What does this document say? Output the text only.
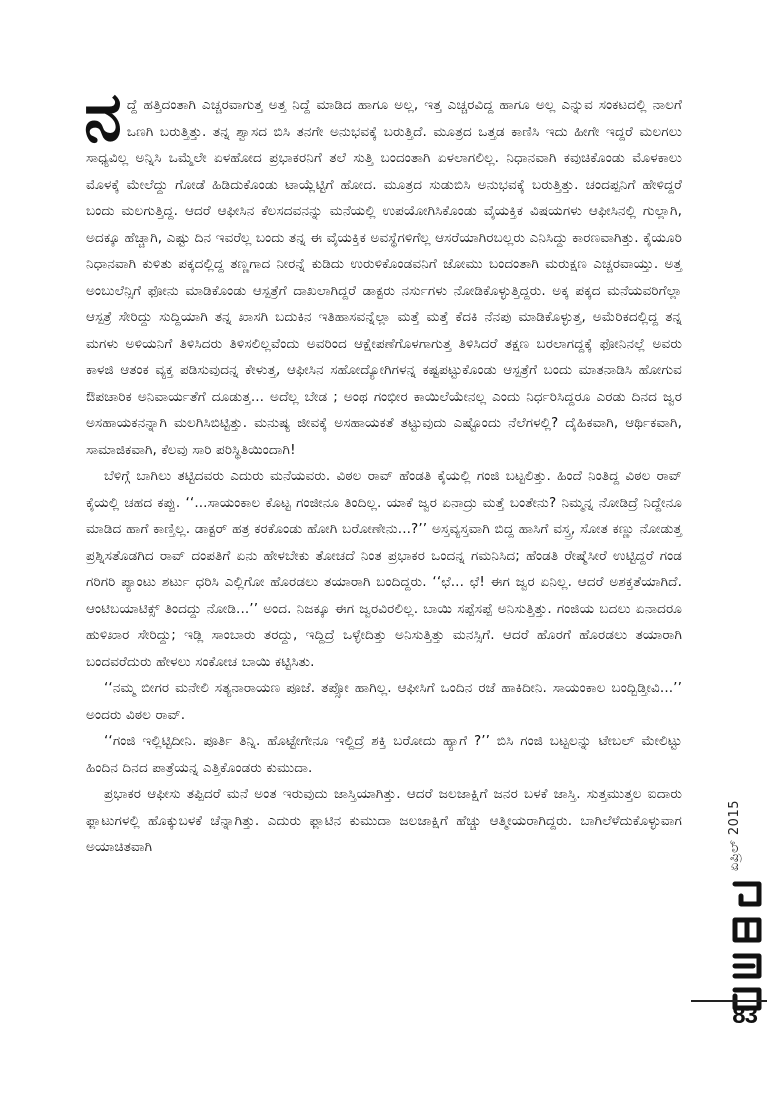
ನದ್ದೆ ಹತ್ತಿದಂತಾಗಿ ಎಚ್ಚರವಾಗುತ್ತ ಅತ್ತ ನಿದ್ದೆ ಮಾಡಿದ ಹಾಗೂ ಅಲ್ಲ, ಇತ್ತ ಎಚ್ಚರವಿದ್ದ ಹಾಗೂ ಅಲ್ಲ ಎನ್ನುವ ಸಂಕಟದಲ್ಲಿ ನಾಲಗೆ ಒಣಗಿ ಬರುತ್ತಿತ್ತು. ತನ್ನ ಶ್ವಾಸದ ಬಿಸಿ ತನಗೇ ಅನುಭವಕ್ಕೆ ಬರುತ್ತಿದೆ. ಮೂತ್ರದ ಒತ್ತಡ ಕಾಣಿಸಿ ಇದು ಹೀಗೇ ಇದ್ದರೆ ಮಲಗಲು ಸಾಧ್ಯವಿಲ್ಲ ಅನ್ನಿಸಿ ಒಮ್ಮೆಲೇ ಏಳಹೋದ ಪ್ರಭಾಕರನಿಗೆ ತಲೆ ಸುತ್ತಿ ಬಂದಂತಾಗಿ ಏಳಲಾಗಲಿಲ್ಲ. ನಿಧಾನವಾಗಿ ಕವುಚಿಕೊಂಡು ಮೊಳಕಾಲು ಮೊಳಕ್ಕೆ ಮೇಲೆದ್ದು ಗೋಡೆ ಹಿಡಿದುಕೊಂಡು ಟಾಯ್ಲೆಟ್ಟಿಗೆ ಹೋದ. ಮೂತ್ರದ ಸುಡುಬಿಸಿ ಅನುಭವಕ್ಕೆ ಬರುತ್ತಿತ್ತು. ಚಂದಪ್ಪನಿಗೆ ಹೇಳಿದ್ದರೆ ಬಂದು ಮಲಗುತ್ತಿದ್ದ. ಆದರೆ ಆಫೀಸಿನ ಕೆಲಸದವನನ್ನು ಮನೆಯಲ್ಲಿ ಉಪಯೋಗಿಸಿಕೊಂಡು ವೈಯಕ್ತಿಕ ವಿಷಯಗಳು ಆಫೀಸಿನಲ್ಲಿ ಗುಲ್ಲಾಗಿ, ಅದಕ್ಕೂ ಹೆಚ್ಚಾಗಿ, ಎಷ್ಟು ದಿನ ಇವರೆಲ್ಲ ಬಂದು ತನ್ನ ಈ ವೈಯಕ್ತಿಕ ಅವಸ್ಥೆಗಳಿಗೆಲ್ಲ ಆಸರೆಯಾಗಿರಬಲ್ಲರು ಎನಿಸಿದ್ದು ಕಾರಣವಾಗಿತ್ತು. ಕೈಯೂರಿ ನಿಧಾನವಾಗಿ ಕುಳಿತು ಪಕ್ಕದಲ್ಲಿದ್ದ ತಣ್ಣಗಾದ ನೀರನ್ನೆ ಕುಡಿದು ಉರುಳಿಕೊಂಡವನಿಗೆ ಜೋಮು ಬಂದಂತಾಗಿ ಮರುಕ್ಷಣ ಎಚ್ಚರವಾಯ್ತು. ಅತ್ತ ಅಂಬುಲೆನ್ಸಿಗೆ ಫೋನು ಮಾಡಿಕೊಂಡು ಆಸ್ಪತ್ರೆಗೆ ದಾಖಲಾಗಿದ್ದರೆ ಡಾಕ್ಟರು ನರ್ಸುಗಳು ನೋಡಿಕೊಳ್ಳುತ್ತಿದ್ದರು. ಅಕ್ಕ ಪಕ್ಕದ ಮನೆಯವರಿಗೆಲ್ಲಾ ಆಸ್ಪತ್ರೆ ಸೇರಿದ್ದು ಸುದ್ದಿಯಾಗಿ ತನ್ನ ಖಾಸಗಿ ಬದುಕಿನ ಇತಿಹಾಸವನ್ನೆಲ್ಲಾ ಮತ್ತೆ ಮತ್ತೆ ಕೆದಕಿ ನೆನಪು ಮಾಡಿಕೊಳ್ಳುತ್ತ, ಅಮೆರಿಕದಲ್ಲಿದ್ದ ತನ್ನ ಮಗಳು ಅಳಿಯನಿಗೆ ತಿಳಿಸಿದರು ತಿಳಿಸಲಿಲ್ಲವೆಂದು ಅವರಿಂದ ಆಕ್ಷೇಪಣೆಗೊಳಗಾಗುತ್ತ ತಿಳಿಸಿದರೆ ತಕ್ಷಣ ಬರಲಾಗದ್ದಕ್ಕೆ ಫೋನಿನಲ್ಲೆ ಅವರು ಕಾಳಜಿ ಆತಂಕ ವ್ಯಕ್ತ ಪಡಿಸುವುದನ್ನ ಕೇಳುತ್ತ, ಆಫೀಸಿನ ಸಹೋದ್ಯೋಗಿಗಳನ್ನ ಕಷ್ಟಪಟ್ಟುಕೊಂಡು ಆಸ್ಪತ್ರೆಗೆ ಬಂದು ಮಾತನಾಡಿಸಿ ಹೋಗುವ ಔಪಚಾರಿಕ ಅನಿವಾರ್ಯತೆಗೆ ದೂಡುತ್ತ... ಅದೆಲ್ಲ ಬೇಡ ; ಅಂಥ ಗಂಭೀರ ಕಾಯಿಲೆಯೇನಲ್ಲ ಎಂದು ನಿರ್ಧರಿಸಿದ್ದರೂ ಎರಡು ದಿನದ ಜ್ವರ ಅಸಹಾಯಕನನ್ನಾಗಿ ಮಲಗಿಸಿಬಿಟ್ಟಿತ್ತು. ಮನುಷ್ಯ ಜೀವಕ್ಕೆ ಅಸಹಾಯಕತೆ ತಟ್ಟುವುದು ಎಷ್ಟೊಂದು ನೆಲೆಗಳಲ್ಲಿ? ದೈಹಿಕವಾಗಿ, ಆರ್ಥಿಕವಾಗಿ, ಸಾಮಾಜಿಕವಾಗಿ, ಕೆಲವು ಸಾರಿ ಪರಿಸ್ಥಿತಿಯಿಂದಾಗಿ!

ಬೆಳಿಗ್ಗೆ ಬಾಗಿಲು ತಟ್ಟಿದವರು ಎದುರು ಮನೆಯವರು. ವಿಠಲ ರಾವ್ ಹೆಂಡತಿ ಕೈಯಲ್ಲಿ ಗಂಜಿ ಬಟ್ಟಲಿತ್ತು. ಹಿಂದೆ ನಿಂತಿದ್ದ ವಿಠಲ ರಾವ್ ಕೈಯಲ್ಲಿ ಚಹದ ಕಪ್ಪು. ‘‘...ಸಾಯಂಕಾಲ ಕೊಟ್ಟ ಗಂಜೀನೂ ತಿಂದಿಲ್ಲ. ಯಾಕೆ ಜ್ವರ ಏನಾದ್ರು ಮತ್ತೆ ಬಂತೇನು? ನಿಮ್ಮನ್ನ ನೋಡಿದ್ರೆ ನಿದ್ದೇನೂ ಮಾಡಿದ ಹಾಗೆ ಕಾಣ್ತಿಲ್ಲ. ಡಾಕ್ಟರ್ ಹತ್ರ ಕರಕೊಂಡು ಹೋಗಿ ಬರೋಣೇನು...?’’ ಅಸ್ತವ್ಯಸ್ತವಾಗಿ ಬಿದ್ದ ಹಾಸಿಗೆ ವಸ್ತ್ರ, ಸೋತ ಕಣ್ಣು ನೋಡುತ್ತ ಪ್ರಶ್ನಿಸತೊಡಗಿದ ರಾವ್ ದಂಪತಿಗೆ ಏನು ಹೇಳಬೇಕು ತೋಚದೆ ನಿಂತ ಪ್ರಭಾಕರ ಒಂದನ್ನ ಗಮನಿಸಿದ; ಹೆಂಡತಿ ರೇಷ್ಮೆಸೀರೆ ಉಟ್ಟಿದ್ದರೆ ಗಂಡ ಗರಿಗರಿ ಪ್ಯಾಂಟು ಶರ್ಟು ಧರಿಸಿ ಎಲ್ಲಿಗೋ ಹೊರಡಲು ತಯಾರಾಗಿ ಬಂದಿದ್ದರು. ‘‘ಛೆ... ಛೆ! ಈಗ ಜ್ವರ ಏನಿಲ್ಲ. ಆದರೆ ಅಶಕ್ತತೆಯಾಗಿದೆ. ಆಂಟಿಬಯಾಟಿಕ್ಸ್ ತಿಂದದ್ದು ನೋಡಿ...’’ ಅಂದ. ನಿಜಕ್ಕೂ ಈಗ ಜ್ವರವಿರಲಿಲ್ಲ. ಬಾಯಿ ಸಪ್ಪೆಸಪ್ಪೆ ಅನಿಸುತ್ತಿತ್ತು. ಗಂಜಿಯ ಬದಲು ಏನಾದರೂ ಹುಳಿಖಾರ ಸೇರಿದ್ದು; ಇಡ್ಲಿ ಸಾಂಬಾರು ತರದ್ದು, ಇದ್ದಿದ್ರೆ ಒಳ್ಳೇದಿತ್ತು ಅನಿಸುತ್ತಿತ್ತು ಮನಸ್ಸಿಗೆ. ಆದರೆ ಹೊರಗೆ ಹೊರಡಲು ತಯಾರಾಗಿ ಬಂದವರೆದುರು ಹೇಳಲು ಸಂಕೋಚ ಬಾಯಿ ಕಟ್ಟಿಸಿತು.

‘‘ನಮ್ಮ ಬೀಗರ ಮನೇಲಿ ಸತ್ಯನಾರಾಯಣ ಪೂಜೆ. ತಪ್ಸೋ ಹಾಗಿಲ್ಲ. ಆಫೀಸಿಗೆ ಒಂದಿನ ರಜೆ ಹಾಕಿದೀನಿ. ಸಾಯಂಕಾಲ ಬಂದ್ಬಿಡ್ತೀವಿ...’’ ಅಂದರು ವಿಠಲ ರಾವ್.

‘‘ಗಂಜಿ ಇಲ್ಲಿಟ್ಟಿದೀನಿ. ಪೂರ್ತಿ ತಿನ್ನಿ. ಹೊಟ್ಟೇಗೇನೂ ಇಲ್ದಿದ್ರೆ ಶಕ್ತಿ ಬರೋದು ಹ್ಯಾಗೆ ?’’ ಬಿಸಿ ಗಂಜಿ ಬಟ್ಟಲನ್ನು ಟೇಬಲ್ ಮೇಲಿಟ್ಟು ಹಿಂದಿನ ದಿನದ ಪಾತ್ರೆಯನ್ನ ಎತ್ತಿಕೊಂಡರು ಕುಮುದಾ.

ಪ್ರಭಾಕರ ಆಫೀಸು ತಪ್ಪಿದರೆ ಮನೆ ಅಂತ ಇರುವುದು ಜಾಸ್ತಿಯಾಗಿತ್ತು. ಆದರೆ ಜಲಜಾಕ್ಷಿಗೆ ಜನರ ಬಳಕೆ ಜಾಸ್ತಿ. ಸುತ್ತಮುತ್ತಲ ಐದಾರು ಫ್ಲಾಟುಗಳಲ್ಲಿ ಹೊಕ್ಕುಬಳಕೆ ಚೆನ್ನಾಗಿತ್ತು. ಎದುರು ಫ್ಲಾಟಿನ ಕುಮುದಾ ಜಲಜಾಕ್ಷಿಗೆ ಹೆಚ್ಚು ಆತ್ಮೀಯರಾಗಿದ್ದರು. ಬಾಗಿಲೆಳೆದುಕೊಳ್ಳುವಾಗ ಅಯಾಚಿತವಾಗಿ	ಏಪ್ರಿಲ್ 2015
83
